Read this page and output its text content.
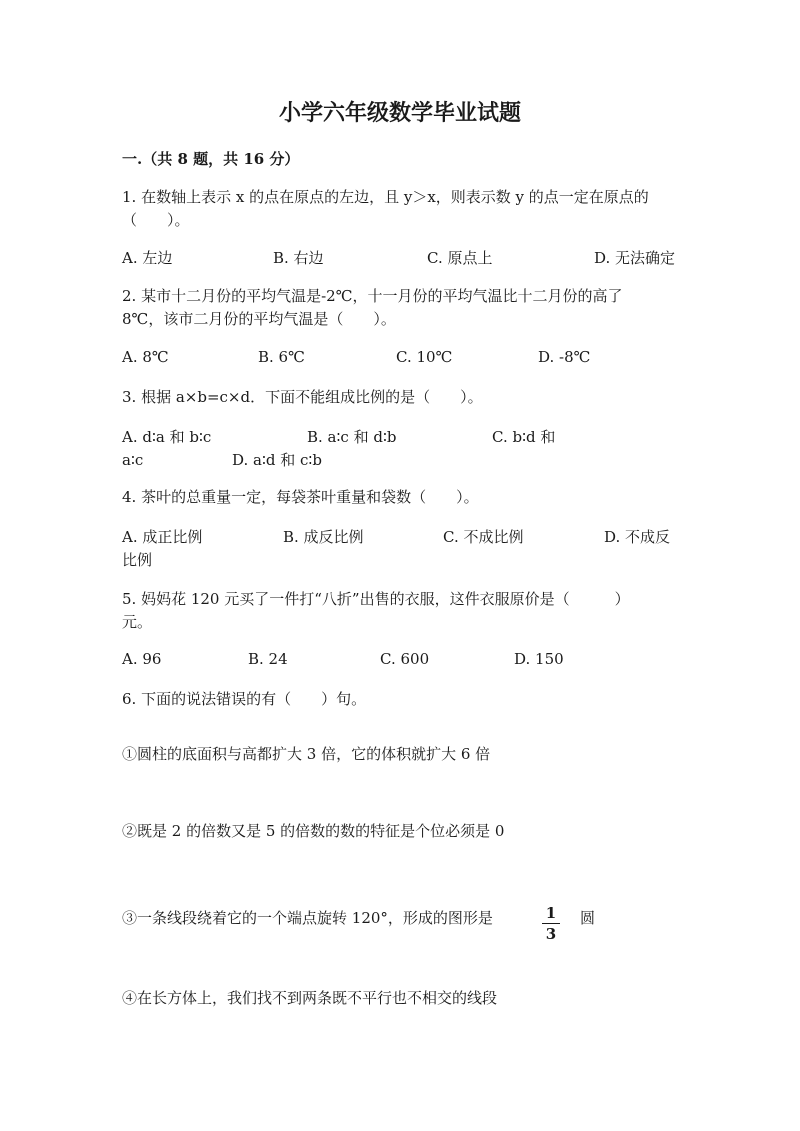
小学六年级数学毕业试题
一.（共 8 题，共 16 分）
1. 在数轴上表示 x 的点在原点的左边，且 y＞x，则表示数 y 的点一定在原点的
（　　）。
A. 左边	B. 右边	C. 原点上	D. 无法确定
2. 某市十二月份的平均气温是-2℃，十一月份的平均气温比十二月份的高了
8℃，该市二月份的平均气温是（　　）。
A. 8℃	B. 6℃	C. 10℃	D. -8℃
3. 根据 a×b=c×d．下面不能组成比例的是（　　）。
A. d∶a 和 b∶c	B. a∶c 和 d∶b	C. b∶d 和
a∶c	D. a∶d 和 c∶b
4. 茶叶的总重量一定，每袋茶叶重量和袋数（　　）。
A. 成正比例	B. 成反比例	C. 不成比例	D. 不成反
比例
5. 妈妈花 120 元买了一件打“八折”出售的衣服，这件衣服原价是（　　　）
元。
A. 96	B. 24	C. 600	D. 150
6. 下面的说法错误的有（　　）句。
①圆柱的底面积与高都扩大 3 倍，它的体积就扩大 6 倍
②既是 2 的倍数又是 5 的倍数的数的特征是个位必须是 0
③一条线段绕着它的一个端点旋转 120°，形成的图形是	1
3
圆
④在长方体上，我们找不到两条既不平行也不相交的线段
